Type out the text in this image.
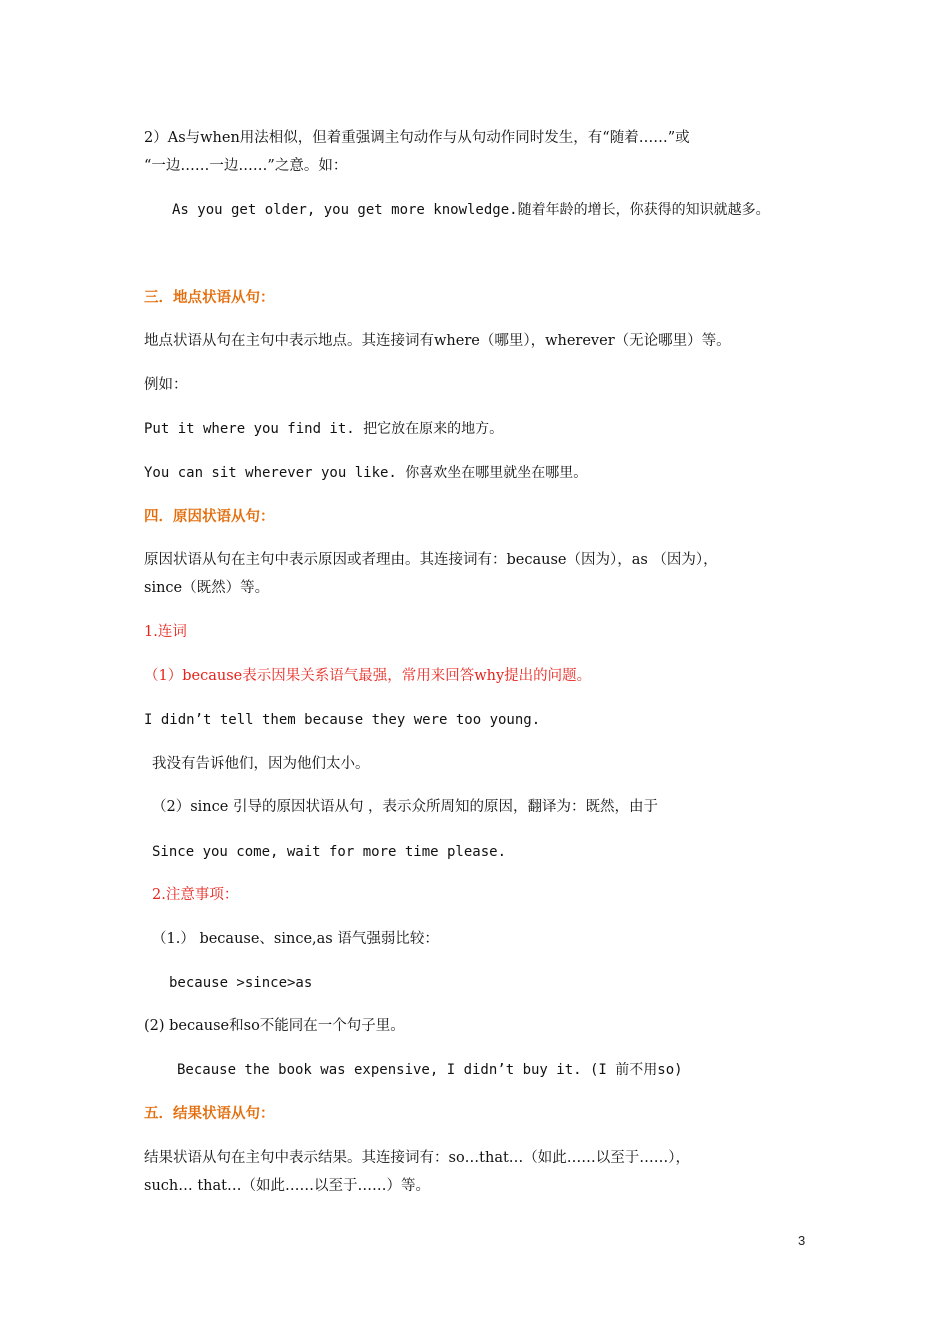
2）As与when用法相似，但着重强调主句动作与从句动作同时发生，有“随着……”或
“一边……一边……”之意。如：
As you get older, you get more knowledge.随着年龄的增长，你获得的知识就越多。
三．地点状语从句：
地点状语从句在主句中表示地点。其连接词有where（哪里），wherever（无论哪里）等。
例如：
Put it where you find it. 把它放在原来的地方。
You can sit wherever you like. 你喜欢坐在哪里就坐在哪里。
四．原因状语从句：
原因状语从句在主句中表示原因或者理由。其连接词有：because（因为），as （因为），
since（既然）等。
1.连词
（1）because表示因果关系语气最强，常用来回答why提出的问题。
I didn’t tell them because they were too young.
我没有告诉他们，因为他们太小。
（2）since 引导的原因状语从句 ，表示众所周知的原因，翻译为：既然，由于
Since you come, wait for more time please.
2.注意事项：
（1.） because、since,as 语气强弱比较：
because >since>as
(2) because和so不能同在一个句子里。
Because the book was expensive, I didn’t buy it. (I 前不用so)
五．结果状语从句：
结果状语从句在主句中表示结果。其连接词有：so…that…（如此……以至于……），
such… that…（如此……以至于……）等。
3
